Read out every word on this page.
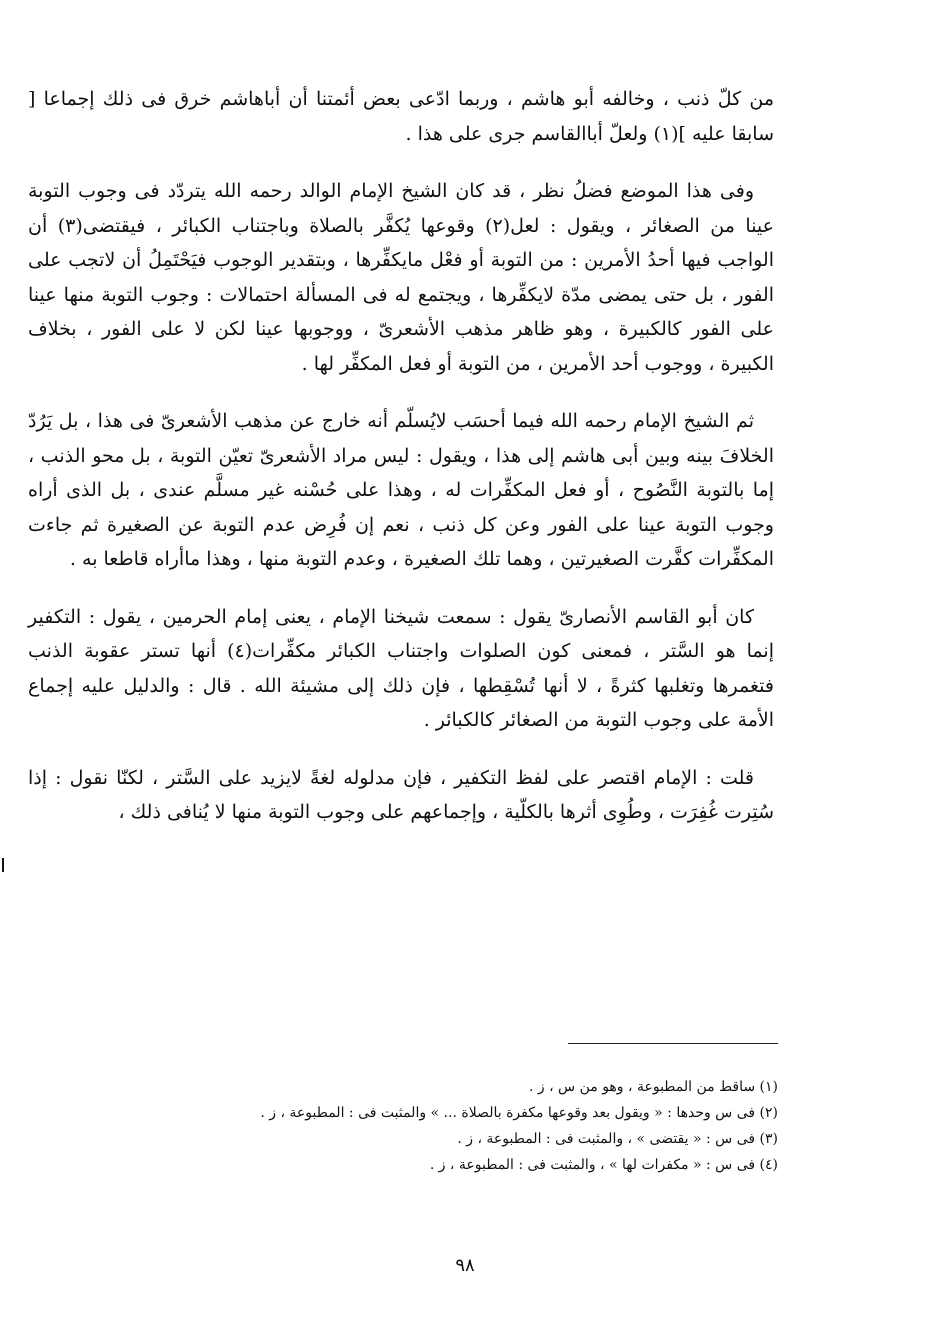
من كلّ ذنب ، وخالفه أبو هاشم ، وربما ادّعى بعض أئمتنا أن أباهاشم خرق فى ذلك إجماعا [ سابقا عليه ](١) ولعلّ أباالقاسم جرى على هذا .

وفى هذا الموضع فضلُ نظر ، قد كان الشيخ الإمام الوالد رحمه الله يتردّد فى وجوب التوبة عينا من الصغائر ، ويقول : لعل(٢) وقوعها يُكفَّر بالصلاة وباجتناب الكبائر ، فيقتضى(٣) أن الواجب فيها أحدُ الأمرين : من التوبة أو فعْل مايكفِّرها ، وبتقدير الوجوب فيَحْتَمِلُ أن لاتجب على الفور ، بل حتى يمضى مدّة لايكفِّرها ، ويجتمع له فى المسألة احتمالات : وجوب التوبة منها عينا على الفور كالكبيرة ، وهو ظاهر مذهب الأشعرىّ ، ووجوبها عينا لكن لا على الفور ، بخلاف الكبيرة ، ووجوب أحد الأمرين ، من التوبة أو فعل المكفِّر لها .

ثم الشيخ الإمام رحمه الله فيما أحسَب لايُسلّم أنه خارج عن مذهب الأشعرىّ فى هذا ، بل يَرُدّ الخلافَ بينه وبين أبى هاشم إلى هذا ، ويقول : ليس مراد الأشعرىّ تعيّن التوبة ، بل محو الذنب ، إما بالتوبة النَّصُوح ، أو فعل المكفِّرات له ، وهذا على حُسْنه غير مسلَّم عندى ، بل الذى أراه وجوب التوبة عينا على الفور وعن كل ذنب ، نعم إن فُرِض عدم التوبة عن الصغيرة ثم جاءت المكفِّرات كفَّرت الصغيرتين ، وهما تلك الصغيرة ، وعدم التوبة منها ، وهذا ماأراه قاطعا به .

كان أبو القاسم الأنصارىّ يقول : سمعت شيخنا الإمام ، يعنى إمام الحرمين ، يقول : التكفير إنما هو السَّتر ، فمعنى كون الصلوات واجتناب الكبائر مكفِّرات(٤) أنها تستر عقوبة الذنب فتغمرها وتغلبها كثرةً ، لا أنها تُسْقِطها ، فإن ذلك إلى مشيئة الله . قال : والدليل عليه إجماع الأمة على وجوب التوبة من الصغائر كالكبائر .

قلت : الإمام اقتصر على لفظ التكفير ، فإن مدلوله لغةً لايزيد على السَّتر ، لكنّا نقول : إذا سُتِرت غُفِرَت ، وطُوِى أثرها بالكلّية ، وإجماعهم على وجوب التوبة منها لا يُنافى ذلك ،

(١) ساقط من المطبوعة ، وهو من س ، ز .

(٢) فى س وحدها : « ويقول بعد وقوعها مكفرة بالصلاة ... » والمثبت فى : المطبوعة ، ز .

(٣) فى س : « يقتضى » ، والمثبت فى : المطبوعة ، ز .

(٤) فى س : « مكفرات لها » ، والمثبت فى : المطبوعة ، ز .

٩٨
